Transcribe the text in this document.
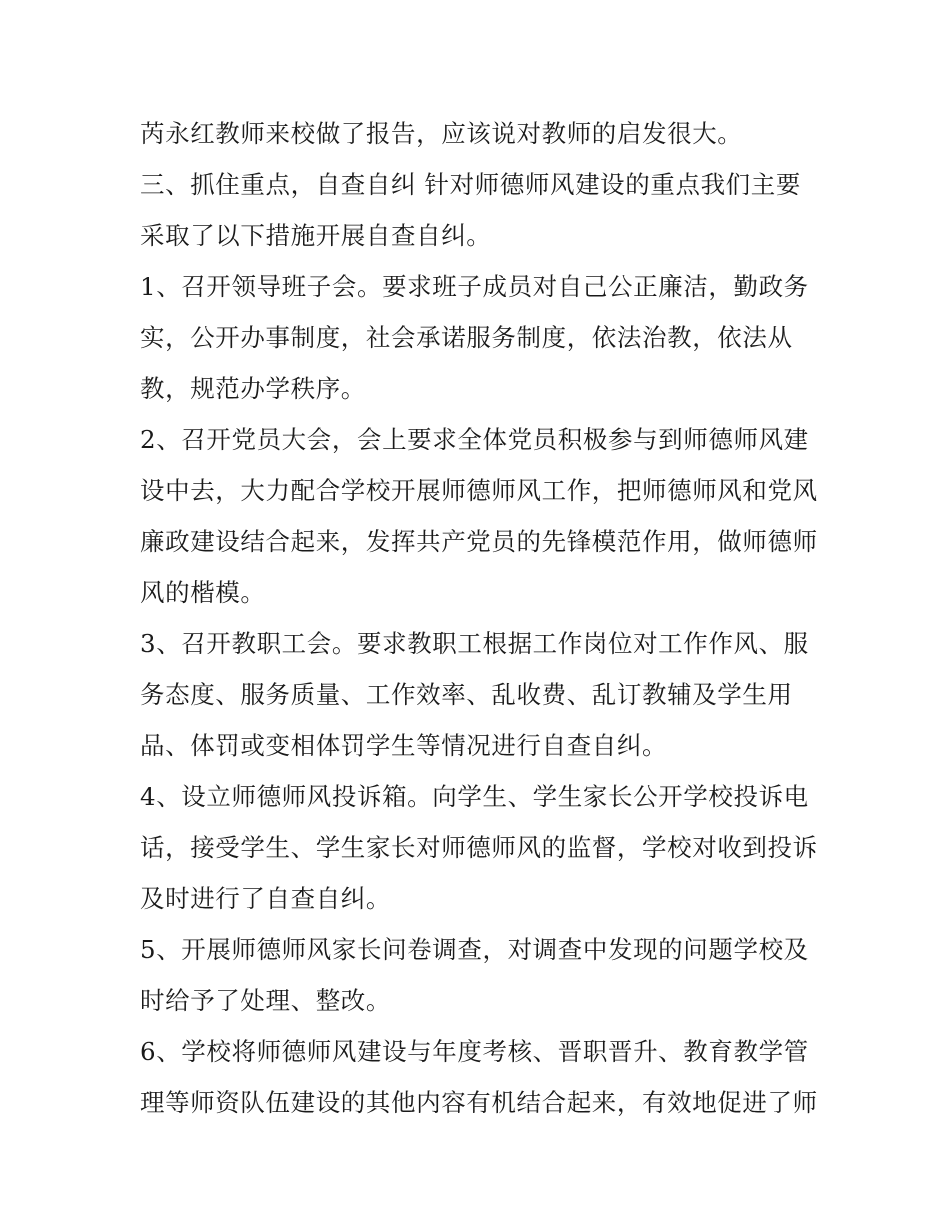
芮永红教师来校做了报告，应该说对教师的启发很大。
三、抓住重点，自查自纠 针对师德师风建设的重点我们主要
采取了以下措施开展自查自纠。
1、召开领导班子会。要求班子成员对自己公正廉洁，勤政务
实，公开办事制度，社会承诺服务制度，依法治教，依法从
教，规范办学秩序。
2、召开党员大会，会上要求全体党员积极参与到师德师风建
设中去，大力配合学校开展师德师风工作，把师德师风和党风
廉政建设结合起来，发挥共产党员的先锋模范作用，做师德师
风的楷模。
3、召开教职工会。要求教职工根据工作岗位对工作作风、服
务态度、服务质量、工作效率、乱收费、乱订教辅及学生用
品、体罚或变相体罚学生等情况进行自查自纠。
4、设立师德师风投诉箱。向学生、学生家长公开学校投诉电
话，接受学生、学生家长对师德师风的监督，学校对收到投诉
及时进行了自查自纠。
5、开展师德师风家长问卷调查，对调查中发现的问题学校及
时给予了处理、整改。
6、学校将师德师风建设与年度考核、晋职晋升、教育教学管
理等师资队伍建设的其他内容有机结合起来，有效地促进了师
